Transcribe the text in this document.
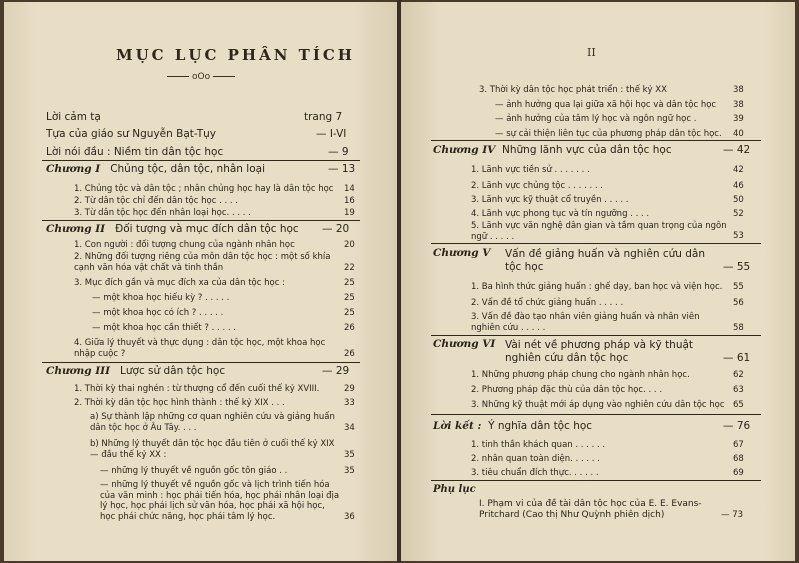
MỤC LỤC PHÂN TÍCH
oOo
Lời cảm tạ	trang 7
Tựa của giáo sư Nguyễn Bạt-Tụy	— I-VI
Lời nói đầu : Niềm tin dân tộc học	— 9
Chương I Chủng tộc, dân tộc, nhân loại	— 13
1. Chủng tộc và dân tộc ; nhân chủng học hay là dân tộc học 14
2. Từ dân tộc chỉ đến dân tộc học . . . .	16
3. Từ dân tộc học đến nhân loại học. . . . .	19
Chương II Đối tượng và mục đích dân tộc học — 20
1. Con người : đối tượng chung của ngành nhân học	20
2. Những đối tượng riêng của môn dân tộc học : một số khía cạnh văn hóa vật chất và tinh thần	22
3. Mục đích gần và mục đích xa của dân tộc học :	25
— một khoa học hiếu kỳ ? . . . . .	25
— một khoa học có ích ? . . . . .	25
— một khoa học cần thiết ? . . . . .	26
4. Giữa lý thuyết và thực dụng : dân tộc học, một khoa học nhập cuộc ?	26
Chương III Lược sử dân tộc học	— 29
1. Thời kỳ thai nghén : từ thượng cổ đến cuối thế kỷ XVIII.	29
2. Thời kỳ dân tộc học hình thành : thế kỷ XIX . . .	33
a) Sự thành lập những cơ quan nghiên cứu và giảng huấn dân tộc học ở Âu Tây. . . .	34
b) Những lý thuyết dân tộc học đầu tiên ở cuối thế kỷ XIX — đầu thế kỷ XX :	35
— những lý thuyết về nguồn gốc tôn giáo . .	35
— những lý thuyết về nguồn gốc và lịch trình tiến hóa của văn minh : học phái tiến hóa, học phái nhân loại địa lý học, học phái lịch sử văn hóa, học phái xã hội học, học phái chức năng, học phái tâm lý học.	36
II
3. Thời kỳ dân tộc học phát triển : thế kỷ XX	38
— ảnh hưởng qua lại giữa xã hội học và dân tộc học 38
— ảnh hưởng của tâm lý học và ngôn ngữ học .	39
— sự cải thiện liên tục của phương pháp dân tộc học. 40
Chương IV Những lãnh vực của dân tộc học	— 42
1. Lãnh vực tiền sử . . . . . . .	42
2. Lãnh vực chủng tộc . . . . . . .	46
3. Lãnh vực kỹ thuật cổ truyền . . . . .	50
4. Lãnh vực phong tục và tín ngưỡng . . . .	52
5. Lãnh vực văn nghệ dân gian và tầm quan trọng của ngôn ngữ . . . . .	53
Chương V	Vấn đề giảng huấn và nghiên cứu dân tộc học	— 55
1. Ba hình thức giảng huấn : ghế dạy, ban học và viện học. 55
2. Vấn đề tổ chức giảng huấn . . . . .	56
3. Vấn đề đào tạo nhân viên giảng huấn và nhân viên nghiên cứu . . . . .	58
Chương VI Vài nét về phương pháp và kỹ thuật nghiên cứu dân tộc học	— 61
1. Những phương pháp chung cho ngành nhân học.	62
2. Phương pháp đặc thù của dân tộc học. . . .	63
3. Những kỹ thuật mới áp dụng vào nghiên cứu dân tộc học 65
Lời kết : Ý nghĩa dân tộc học	— 76
1. tinh thần khách quan . . . . . .	67
2. nhân quan toàn diện. . . . . .	68
3. tiêu chuẩn đích thực. . . . . .	69
Phụ lục
I. Phạm vi của đề tài dân tộc học của E. E. Evans-Pritchard (Cao thị Như Quỳnh phiên dịch)	— 73
